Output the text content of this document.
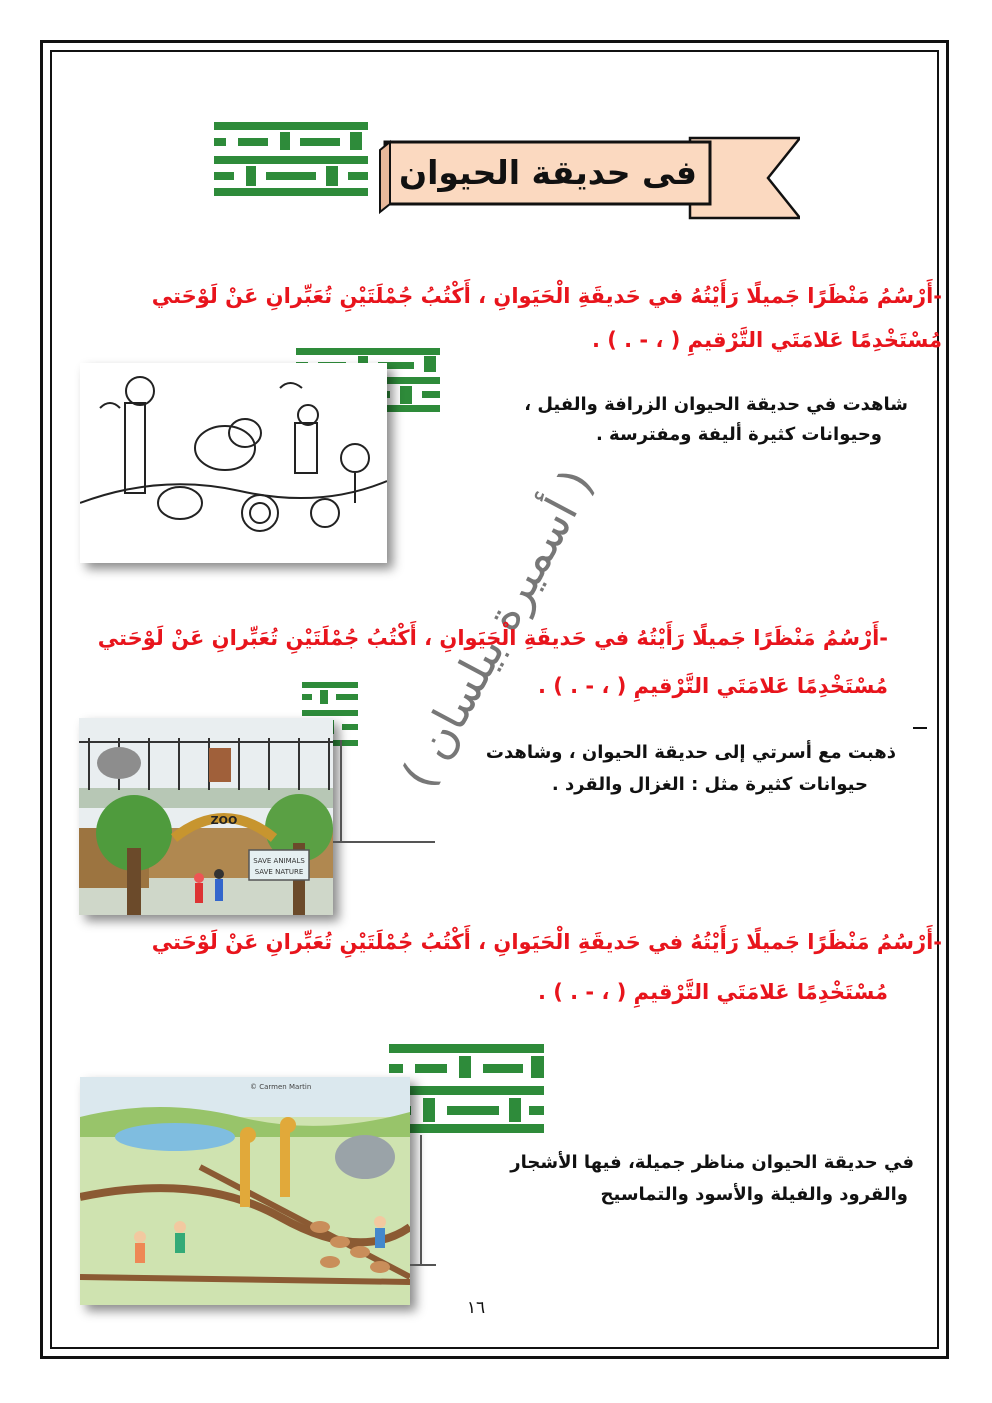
فى حديقة الحيوان
-أَرْسُمُ مَنْظَرًا جَميلًا رَأَيْتُهُ في حَديقَةِ الْحَيَوانِ ، أَكْتُبُ جُمْلَتَيْنِ تُعَبِّرانِ عَنْ لَوْحَتي
مُسْتَخْدِمًا عَلامَتَي التَّرْقيمِ ( ، - . ) .
شاهدت في حديقة الحيوان الزرافة والفيل ،
وحيوانات كثيرة أليفة ومفترسة .
( أسميرة بيلسان )
-أَرْسُمُ مَنْظَرًا جَميلًا رَأَيْتُهُ في حَديقَةِ الْحَيَوانِ ، أَكْتُبُ جُمْلَتَيْنِ تُعَبِّرانِ عَنْ لَوْحَتي
مُسْتَخْدِمًا عَلامَتَي التَّرْقيمِ ( ، - . ) .
SAVE ANIMALS
SAVE NATURE
ZOO
ذهبت مع أسرتي إلى حديقة الحيوان ، وشاهدت
حيوانات كثيرة مثل : الغزال والقرد .
-أَرْسُمُ مَنْظَرًا جَميلًا رَأَيْتُهُ في حَديقَةِ الْحَيَوانِ ، أَكْتُبُ جُمْلَتَيْنِ تُعَبِّرانِ عَنْ لَوْحَتي
مُسْتَخْدِمًا عَلامَتَي التَّرْقيمِ ( ، - . ) .
© Carmen Martin
في حديقة الحيوان مناظر جميلة، فيها الأشجار
والقرود والفيلة والأسود والتماسيح
١٦
